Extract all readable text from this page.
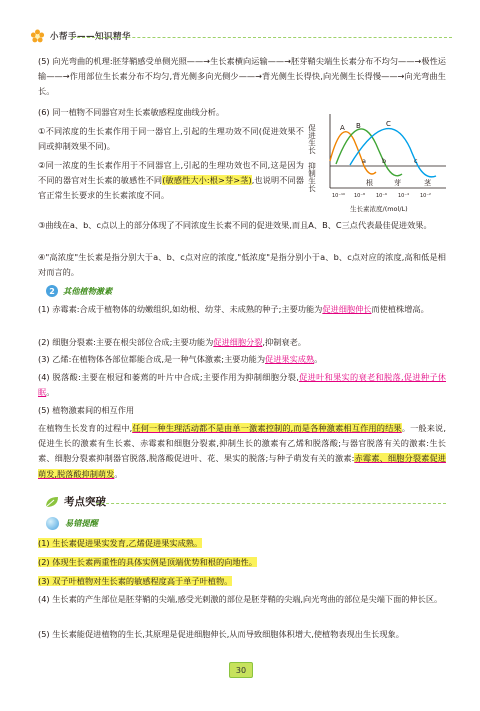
小帮手——知识精华

(5) 向光弯曲的机理:胚芽鞘感受单侧光照——→生长素横向运输——→胚芽鞘尖端生长素分布不均匀——→极性运输——→作用部位生长素分布不均匀,背光侧多向光侧少——→背光侧生长得快,向光侧生长得慢——→向光弯曲生长。

(6) 同一植物不同器官对生长素敏感程度曲线分析。

①不同浓度的生长素作用于同一器官上,引起的生理功效不同(促进效果不同或抑制效果不同)。

②同一浓度的生长素作用于不同器官上,引起的生理功效也不同,这是因为不同的器官对生长素的敏感性不同(敏感性大小:根>芽>茎),也说明不同器官正常生长要求的生长素浓度不同。

促进生长
抑制生长
A B	C
a b	c
根	芽	茎
10⁻¹⁰ 10⁻⁸ 10⁻⁶ 10⁻⁴ 10⁻²
生长素浓度/(mol/L)

③曲线在a、b、c点以上的部分体现了不同浓度生长素不同的促进效果,而且A、B、C三点代表最佳促进效果。

④"高浓度"生长素是指分别大于a、b、c点对应的浓度,"低浓度"是指分别小于a、b、c点对应的浓度,高和低是相对而言的。

2	其他植物激素

(1) 赤霉素:合成于植物体的幼嫩组织,如幼根、幼芽、未成熟的种子;主要功能为促进细胞伸长而使植株增高。

(2) 细胞分裂素:主要在根尖部位合成;主要功能为促进细胞分裂,抑制衰老。

(3) 乙烯:在植物体各部位都能合成,是一种气体激素;主要功能为促进果实成熟。

(4) 脱落酸:主要在根冠和萎蔫的叶片中合成;主要作用为抑制细胞分裂,促进叶和果实的衰老和脱落,促进种子休眠。

(5) 植物激素间的相互作用

在植物生长发育的过程中,任何一种生理活动都不是由单一激素控制的,而是各种激素相互作用的结果。一般来说,促进生长的激素有生长素、赤霉素和细胞分裂素,抑制生长的激素有乙烯和脱落酸;与器官脱落有关的激素:生长素、细胞分裂素抑制器官脱落,脱落酸促进叶、花、果实的脱落;与种子萌发有关的激素:赤霉素、细胞分裂素促进萌发,脱落酸抑制萌发。

考点突破
易错提醒

(1) 生长素促进果实发育,乙烯促进果实成熟。

(2) 体现生长素两重性的具体实例是顶端优势和根的向地性。

(3) 双子叶植物对生长素的敏感程度高于单子叶植物。

(4) 生长素的产生部位是胚芽鞘的尖端,感受光刺激的部位是胚芽鞘的尖端,向光弯曲的部位是尖端下面的伸长区。

(5) 生长素能促进植物的生长,其原理是促进细胞伸长,从而导致细胞体积增大,使植物表现出生长现象。

30
